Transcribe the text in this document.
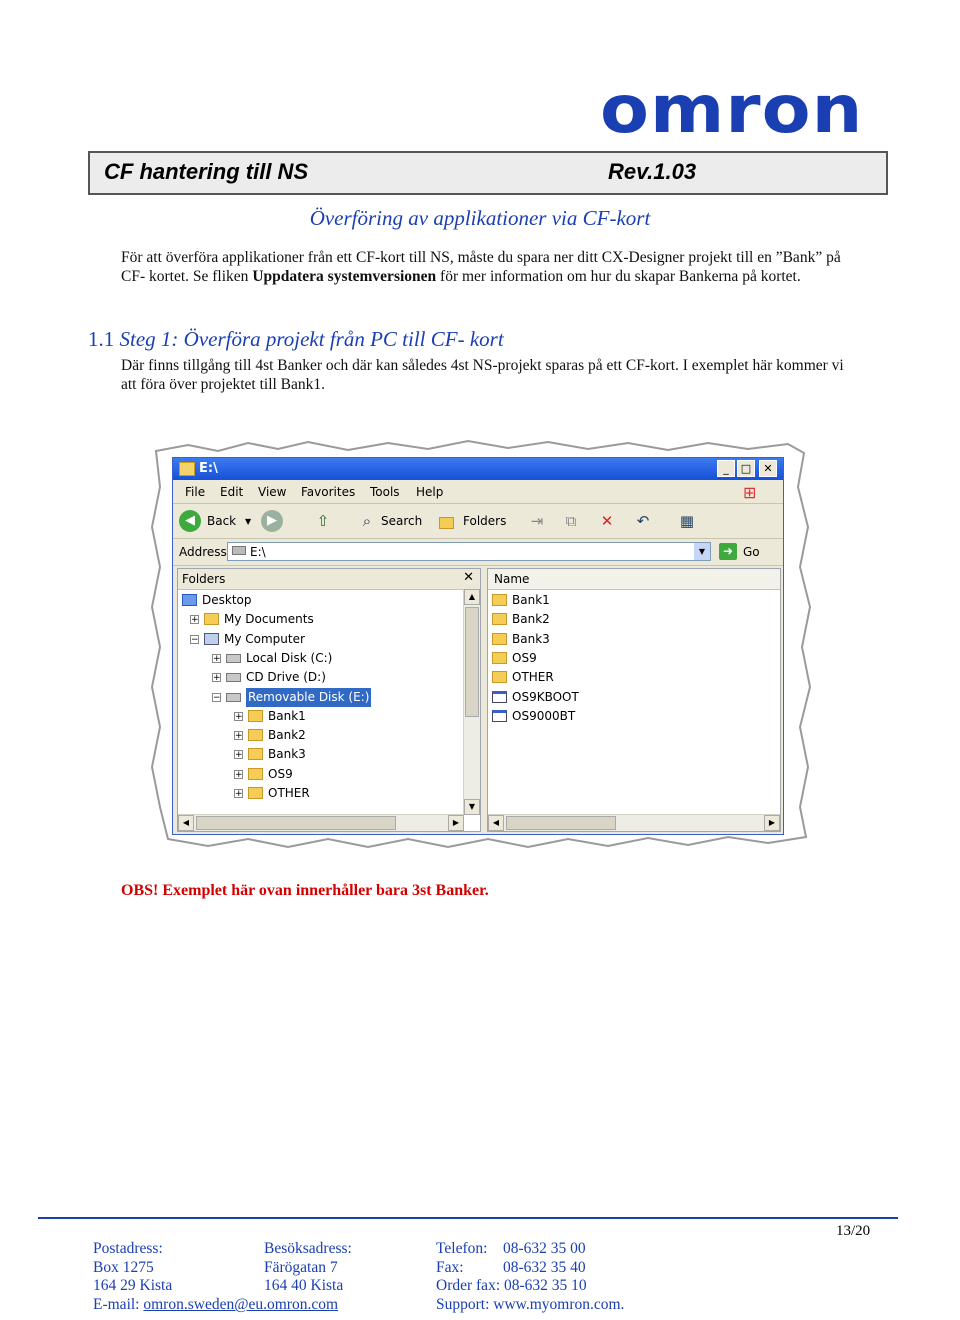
omron
CF hantering till NS	Rev.1.03
Överföring av applikationer via CF-kort
För att överföra applikationer från ett CF-kort till NS, måste du spara ner ditt CX-Designer projekt till en ”Bank” på
CF- kortet. Se fliken Uppdatera systemversionen för mer information om hur du skapar Bankerna på kortet.
1.1 Steg 1: Överföra projekt från PC till CF- kort
Där finns tillgång till 4st Banker och där kan således 4st NS-projekt sparas på ett CF-kort. I exemplet här kommer vi
att föra över projektet till Bank1.
E:\	_	□	✕
File Edit View Favorites Tools Help	⊞
◀	Back ▼	▶	⇧	⌕ Search	Folders ⇥	⧉	✕ ↶ ▦
Address E:\	▼	➜ Go
Folders	✕
Desktop
+ My Documents
− My Computer
+ Local Disk (C:)
+ CD Drive (D:)
− Removable Disk (E:)
+ Bank1
+ Bank2
+ Bank3
+ OS9
+ OTHER
▲
▼
◀	▶
Name
Bank1
Bank2
Bank3
OS9
OTHER
OS9KBOOT
OS9000BT
◀	▶
OBS! Exemplet här ovan innerhåller bara 3st Banker.
13/20
Postadress:
Box 1275
164 29 Kista
E-mail: omron.sweden@eu.omron.com
Besöksadress:
Färögatan 7
164 40 Kista
Telefon: 08-632 35 00
Fax:	08-632 35 40
Order fax: 08-632 35 10
Support: www.myomron.com.
